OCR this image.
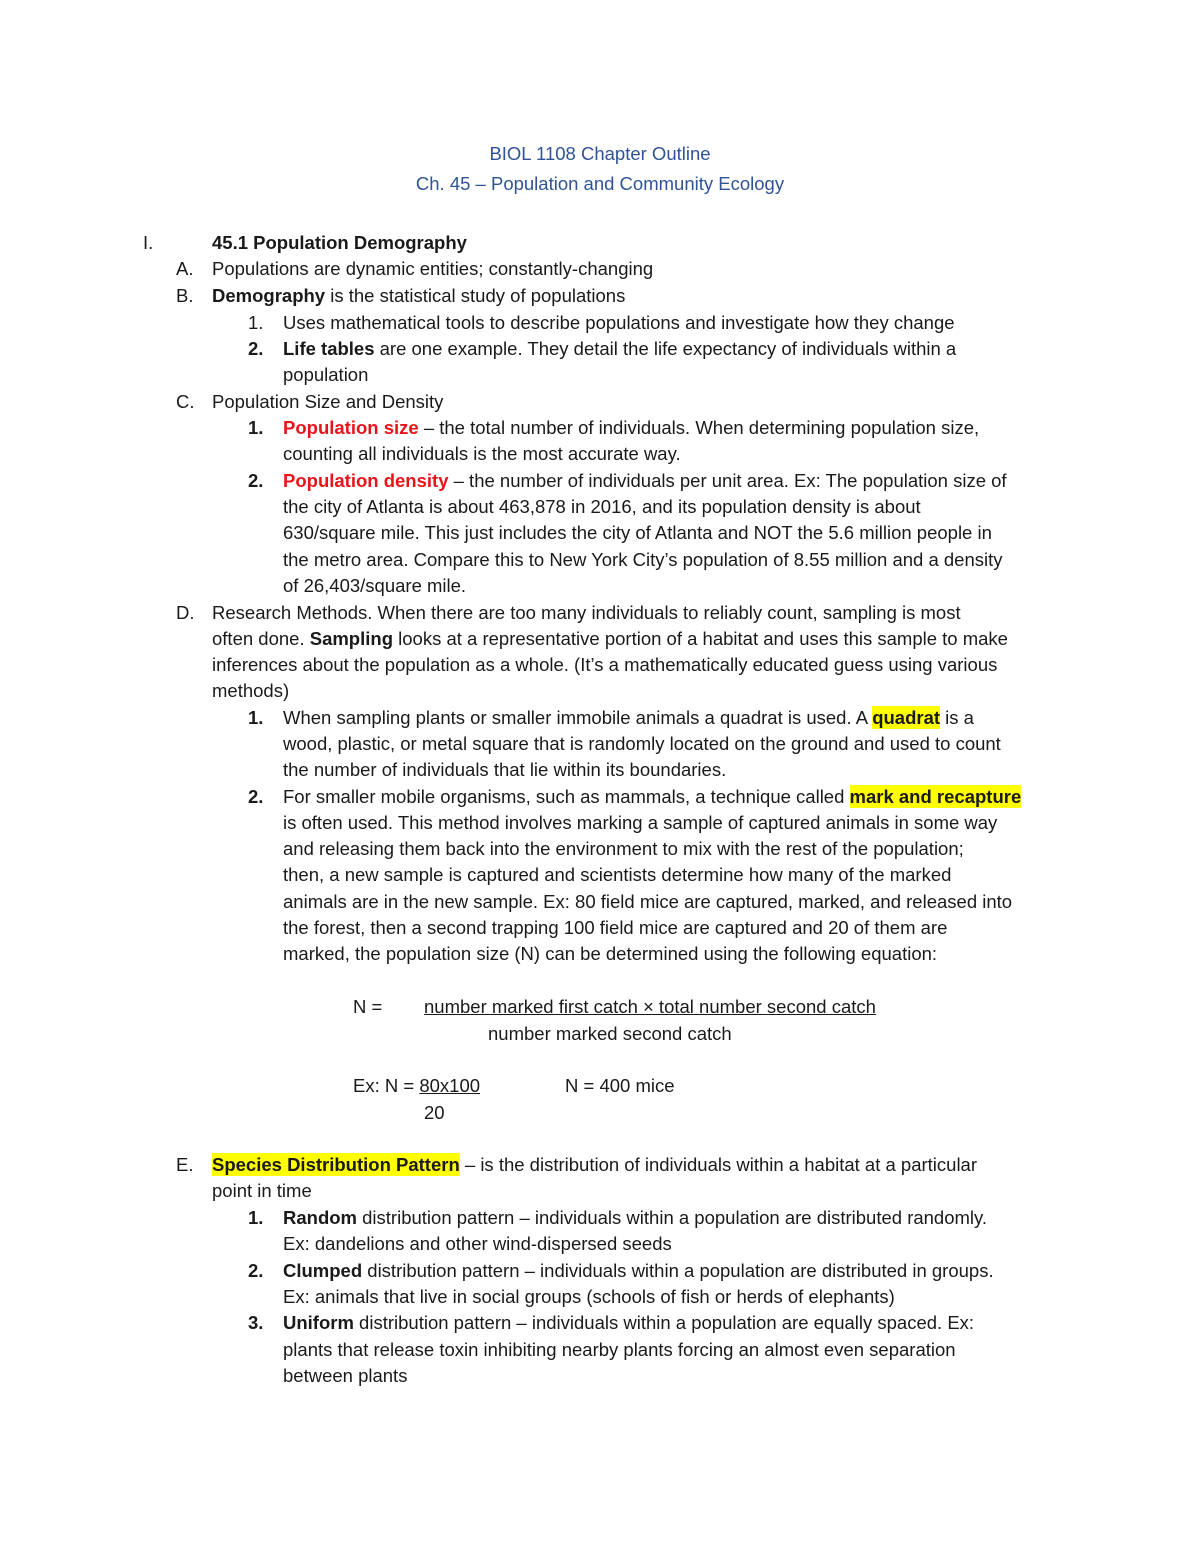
BIOL 1108 Chapter Outline
Ch. 45 – Population and Community Ecology
I.	45.1 Population Demography
A. Populations are dynamic entities; constantly-changing
B. Demography is the statistical study of populations
1. Uses mathematical tools to describe populations and investigate how they change
2. Life tables are one example. They detail the life expectancy of individuals within a
population
C. Population Size and Density
1. Population size – the total number of individuals. When determining population size,
counting all individuals is the most accurate way.
2. Population density – the number of individuals per unit area. Ex: The population size of
the city of Atlanta is about 463,878 in 2016, and its population density is about
630/square mile. This just includes the city of Atlanta and NOT the 5.6 million people in
the metro area. Compare this to New York City’s population of 8.55 million and a density
of 26,403/square mile.
D. Research Methods. When there are too many individuals to reliably count, sampling is most
often done. Sampling looks at a representative portion of a habitat and uses this sample to make
inferences about the population as a whole. (It’s a mathematically educated guess using various
methods)
1. When sampling plants or smaller immobile animals a quadrat is used. A quadrat is a
wood, plastic, or metal square that is randomly located on the ground and used to count
the number of individuals that lie within its boundaries.
2. For smaller mobile organisms, such as mammals, a technique called mark and recapture
is often used. This method involves marking a sample of captured animals in some way
and releasing them back into the environment to mix with the rest of the population;
then, a new sample is captured and scientists determine how many of the marked
animals are in the new sample. Ex: 80 field mice are captured, marked, and released into
the forest, then a second trapping 100 field mice are captured and 20 of them are
marked, the population size (N) can be determined using the following equation:
N = number marked first catch × total number second catch
number marked second catch
Ex: N = 80x100
20
N = 400 mice
E. Species Distribution Pattern – is the distribution of individuals within a habitat at a particular
point in time
1. Random distribution pattern – individuals within a population are distributed randomly.
Ex: dandelions and other wind-dispersed seeds
2. Clumped distribution pattern – individuals within a population are distributed in groups.
Ex: animals that live in social groups (schools of fish or herds of elephants)
3. Uniform distribution pattern – individuals within a population are equally spaced. Ex:
plants that release toxin inhibiting nearby plants forcing an almost even separation
between plants
